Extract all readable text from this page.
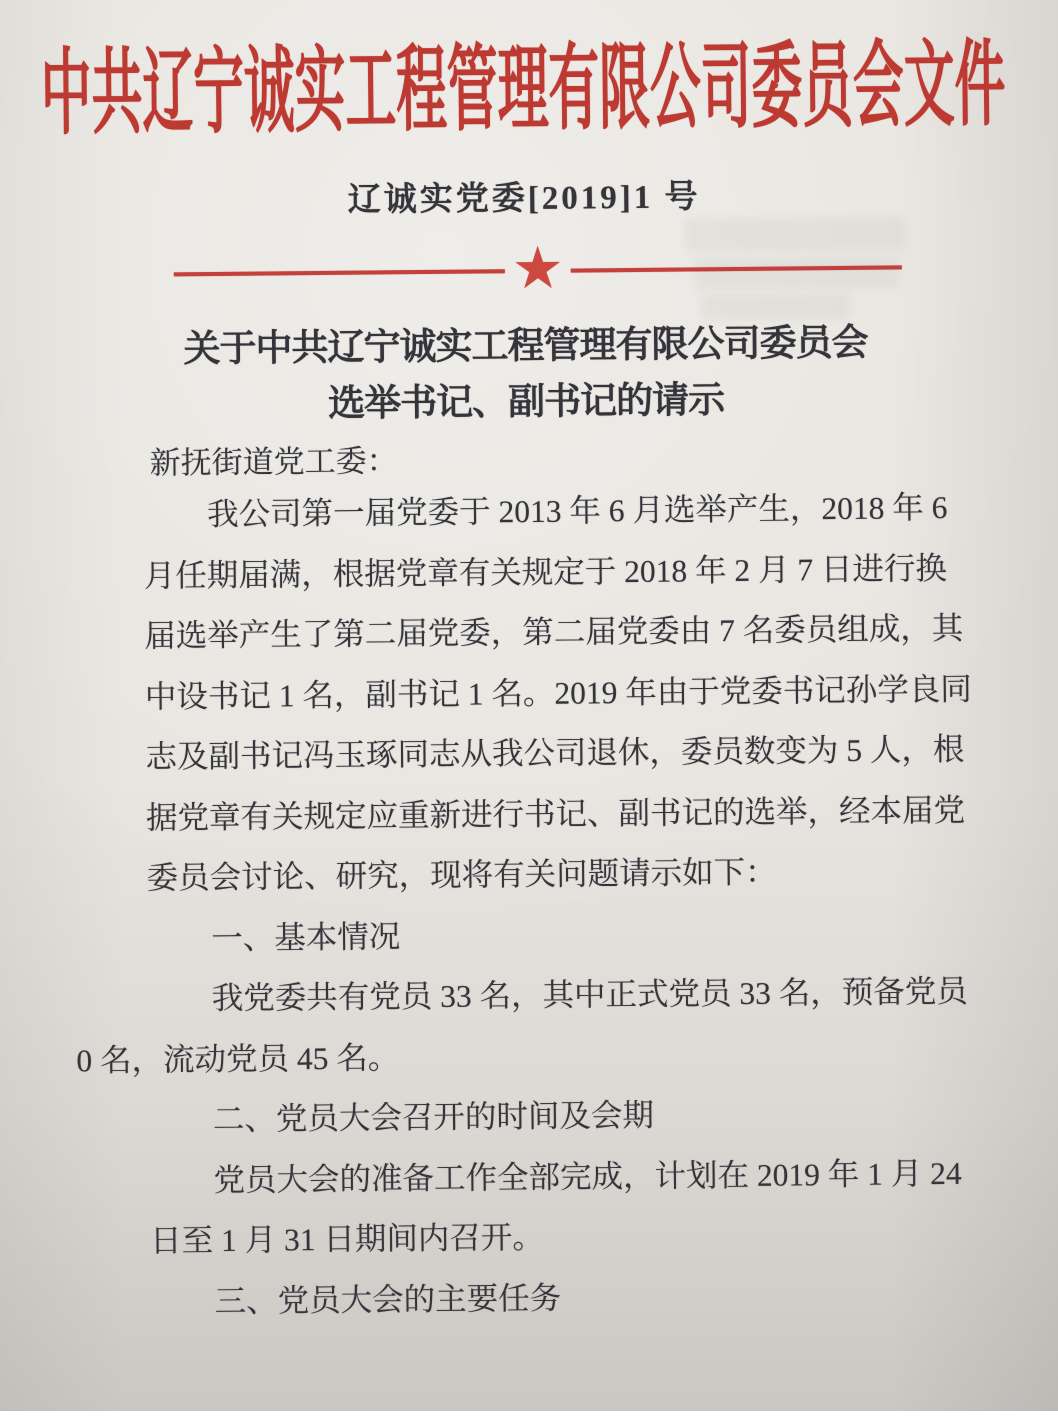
中共辽宁诚实工程管理有限公司委员会文件
辽诚实党委[2019]1 号
★
关于中共辽宁诚实工程管理有限公司委员会
选举书记、副书记的请示
新抚街道党工委：
我公司第一届党委于 2013 年 6 月选举产生，2018 年 6
月任期届满，根据党章有关规定于 2018 年 2 月 7 日进行换
届选举产生了第二届党委，第二届党委由 7 名委员组成，其
中设书记 1 名，副书记 1 名。2019 年由于党委书记孙学良同
志及副书记冯玉琢同志从我公司退休，委员数变为 5 人，根
据党章有关规定应重新进行书记、副书记的选举，经本届党
委员会讨论、研究，现将有关问题请示如下：
一、基本情况
我党委共有党员 33 名，其中正式党员 33 名，预备党员
0 名，流动党员 45 名。
二、党员大会召开的时间及会期
党员大会的准备工作全部完成，计划在 2019 年 1 月 24
日至 1 月 31 日期间内召开。
三、党员大会的主要任务
